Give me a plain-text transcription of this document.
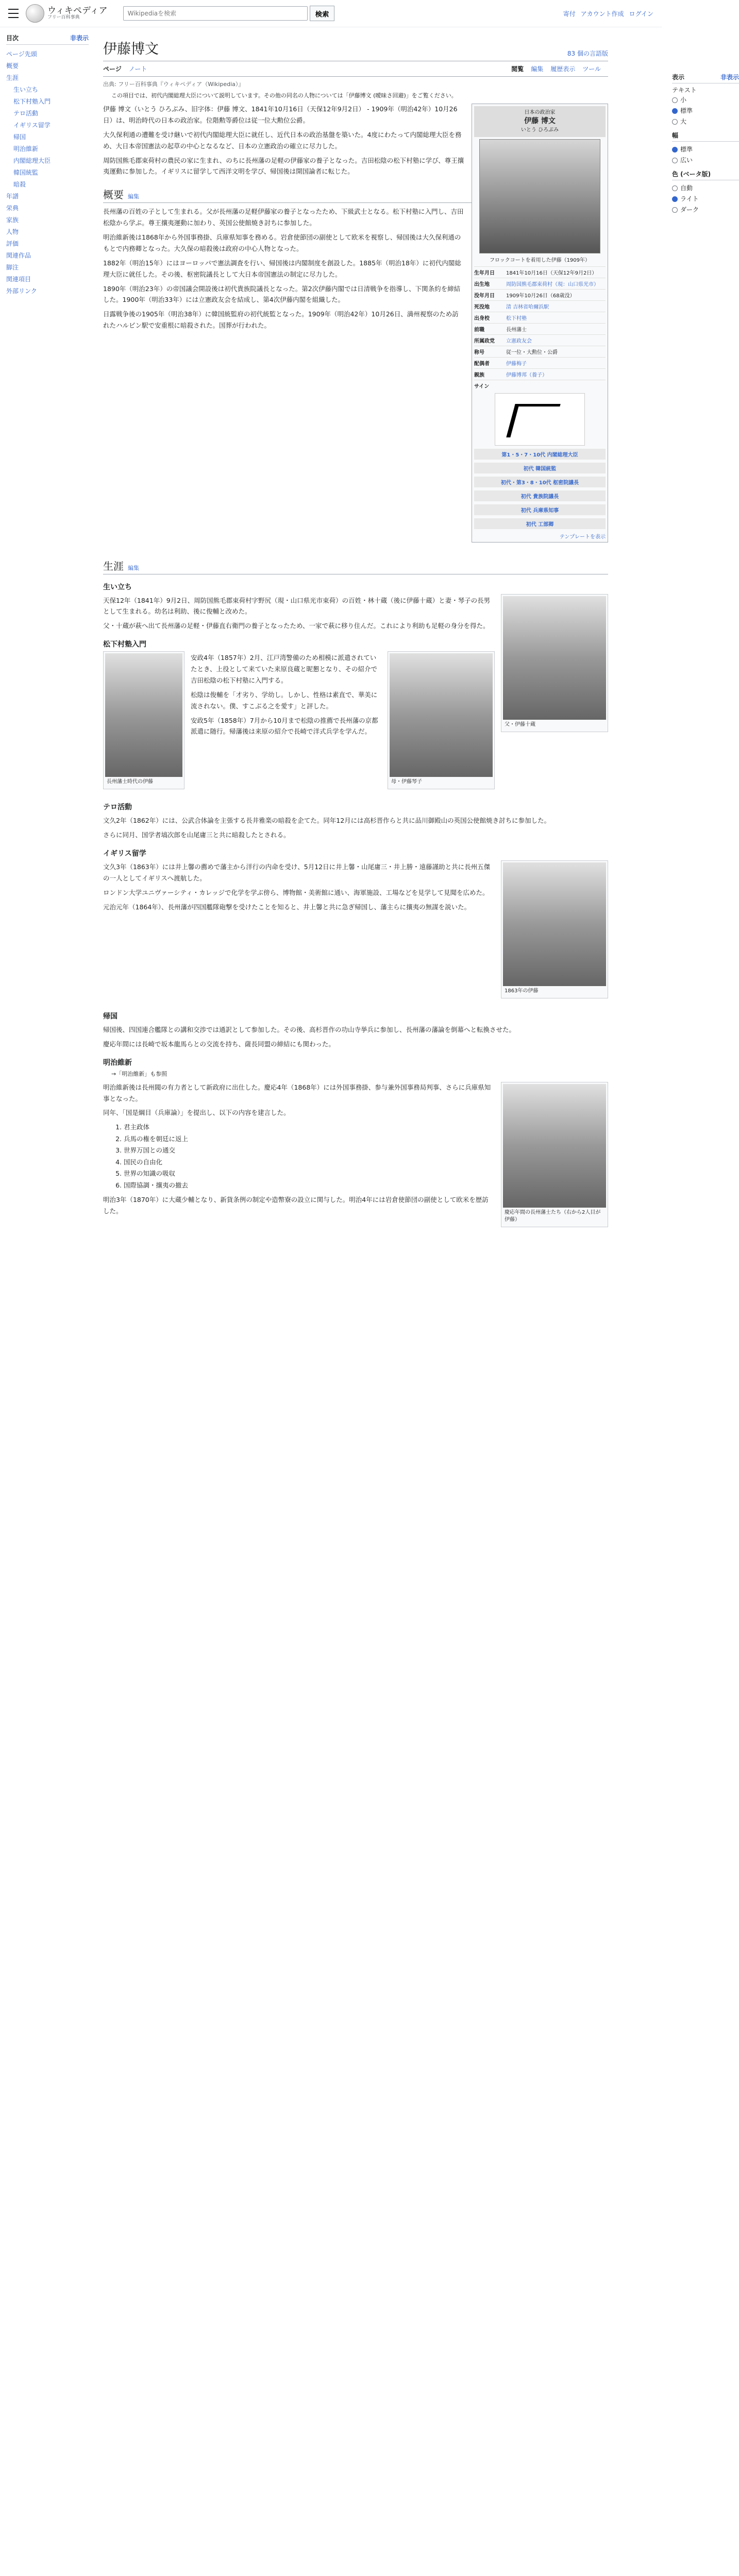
ウィキペディア
フリー百科事典
Wikipediaを検索	検索	寄付 アカウント作成 ログイン
目次	非表示
ページ先頭
概要
生涯
生い立ち
松下村塾入門
テロ活動
イギリス留学
帰国
明治維新
内閣総理大臣
韓国統監
暗殺
年譜
栄典
家族
人物
評価
関連作品
脚注
関連項目
外部リンク
伊藤博文	83 個の言語版
ページ ノート	閲覧 編集 履歴表示 ツール
出典: フリー百科事典『ウィキペディア（Wikipedia）』
この項目では、初代内閣総理大臣について説明しています。その他の同名の人物については「伊藤博文 (曖昧さ回避)」をご覧ください。
日本の政治家
伊藤 博文
いとう ひろぶみ
フロックコートを着用した伊藤（1909年）
生年月日	1841年10月16日（天保12年9月2日）
出生地	周防国熊毛郡束荷村（現：山口県光市）
没年月日	1909年10月26日（68歳没）
死没地	清 吉林省哈爾浜駅
出身校	松下村塾
前職	長州藩士
所属政党	立憲政友会
称号	従一位・大勲位・公爵
配偶者	伊藤梅子
親族	伊藤博邦（養子）
サイン
第1・5・7・10代 内閣総理大臣
初代 韓国統監
初代・第3・8・10代 枢密院議長
初代 貴族院議長
初代 兵庫県知事
初代 工部卿
テンプレートを表示

伊藤 博文（いとう ひろぶみ、旧字体：伊藤 博文、1841年10月16日（天保12年9月2日） - 1909年（明治42年）10月26日）は、明治時代の日本の政治家。位階勲等爵位は従一位大勲位公爵。

大久保利通の遭難を受け継いで初代内閣総理大臣に就任し、近代日本の政治基盤を築いた。4度にわたって内閣総理大臣を務め、大日本帝国憲法の起草の中心となるなど、日本の立憲政治の確立に尽力した。

周防国熊毛郡束荷村の農民の家に生まれ、のちに長州藩の足軽の伊藤家の養子となった。吉田松陰の松下村塾に学び、尊王攘夷運動に参加した。イギリスに留学して西洋文明を学び、帰国後は開国論者に転じた。

概要 編集

長州藩の百姓の子として生まれる。父が長州藩の足軽伊藤家の養子となったため、下級武士となる。松下村塾に入門し、吉田松陰から学ぶ。尊王攘夷運動に加わり、英国公使館焼き討ちに参加した。

明治維新後は1868年から外国事務掛、兵庫県知事を務める。岩倉使節団の副使として欧米を視察し、帰国後は大久保利通のもとで内務卿となった。大久保の暗殺後は政府の中心人物となった。

1882年（明治15年）にはヨーロッパで憲法調査を行い、帰国後は内閣制度を創設した。1885年（明治18年）に初代内閣総理大臣に就任した。その後、枢密院議長として大日本帝国憲法の制定に尽力した。

1890年（明治23年）の帝国議会開設後は初代貴族院議長となった。第2次伊藤内閣では日清戦争を指導し、下関条約を締結した。1900年（明治33年）には立憲政友会を結成し、第4次伊藤内閣を組織した。

日露戦争後の1905年（明治38年）に韓国統監府の初代統監となった。1909年（明治42年）10月26日、満州視察のため訪れたハルビン駅で安重根に暗殺された。国葬が行われた。

生涯 編集
生い立ち
父・伊藤十蔵

天保12年（1841年）9月2日、周防国熊毛郡束荷村字野尻（現・山口県光市束荷）の百姓・林十蔵（後に伊藤十蔵）と妻・琴子の長男として生まれる。幼名は利助、後に俊輔と改めた。

父・十蔵が萩へ出て長州藩の足軽・伊藤直右衛門の養子となったため、一家で萩に移り住んだ。これにより利助も足軽の身分を得た。

松下村塾入門
長州藩士時代の伊藤	母・伊藤琴子

安政4年（1857年）2月、江戸湾警備のため相模に派遣されていたとき、上役として来ていた来原良蔵と昵懇となり、その紹介で吉田松陰の松下村塾に入門する。

松陰は俊輔を「才劣り、学幼し。しかし、性格は素直で、華美に流されない。僕、すこぶる之を愛す」と評した。

安政5年（1858年）7月から10月まで松陰の推薦で長州藩の京都派遣に随行。帰藩後は来原の紹介で長崎で洋式兵学を学んだ。

テロ活動

文久2年（1862年）には、公武合体論を主張する長井雅楽の暗殺を企てた。同年12月には高杉晋作らと共に品川御殿山の英国公使館焼き討ちに参加した。

さらに同月、国学者塙次郎を山尾庸三と共に暗殺したとされる。

イギリス留学
1863年の伊藤

文久3年（1863年）には井上馨の薦めで藩主から洋行の内命を受け、5月12日に井上馨・山尾庸三・井上勝・遠藤謹助と共に長州五傑の一人としてイギリスへ渡航した。

ロンドン大学ユニヴァーシティ・カレッジで化学を学ぶ傍ら、博物館・美術館に通い、海軍施設、工場などを見学して見聞を広めた。

元治元年（1864年）、長州藩が四国艦隊砲撃を受けたことを知ると、井上馨と共に急ぎ帰国し、藩主らに攘夷の無謀を説いた。

帰国

帰国後、四国連合艦隊との講和交渉では通訳として参加した。その後、高杉晋作の功山寺挙兵に参加し、長州藩の藩論を倒幕へと転換させた。

慶応年間には長崎で坂本龍馬らとの交流を持ち、薩長同盟の締結にも関わった。

明治維新
→「明治維新」も参照
慶応年間の長州藩士たち（右から2人目が伊藤）

明治維新後は長州閥の有力者として新政府に出仕した。慶応4年（1868年）には外国事務掛、参与兼外国事務局判事、さらに兵庫県知事となった。

同年、「国是綱目（兵庫論）」を提出し、以下の内容を建言した。

1. 君主政体
2. 兵馬の権を朝廷に返上
3. 世界万国との通交
4. 国民の自由化
5. 世界の知識の吸収
6. 国際協調・攘夷の撤去

明治3年（1870年）に大蔵少輔となり、新貨条例の制定や造幣寮の設立に関与した。明治4年には岩倉使節団の副使として欧米を歴訪した。

表示	非表示
テキスト
小
標準
大
幅
標準
広い
色 (ベータ版)
自動
ライト
ダーク
